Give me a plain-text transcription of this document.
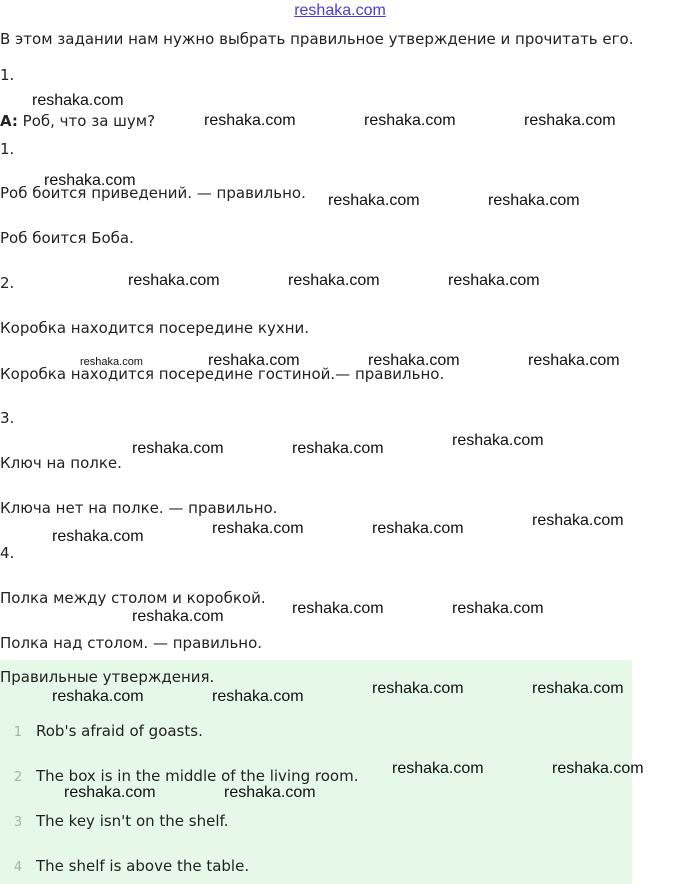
reshaka.com
В этом задании нам нужно выбрать правильное утверждение и прочитать его.
1.
A: Роб, что за шум?
1.
Роб боится приведений. — правильно.
Роб боится Боба.
2.
Коробка находится посередине кухни.
Коробка находится посередине гостиной.— правильно.
3.
Ключ на полке.
Ключа нет на полке. — правильно.
4.
Полка между столом и коробкой.
Полка над столом. — правильно.
Правильные утверждения.
1 Rob's afraid of goasts.
2 The box is in the middle of the living room.
3 The key isn't on the shelf.
4 The shelf is above the table.
reshaka.com
reshaka.com	reshaka.com	reshaka.com
reshaka.com
reshaka.com	reshaka.com
reshaka.com	reshaka.com	reshaka.com
reshaka.com	reshaka.com	reshaka.com	reshaka.com
reshaka.com	reshaka.com	reshaka.com
reshaka.com	reshaka.com	reshaka.com
reshaka.com
reshaka.com	reshaka.com
reshaka.com
reshaka.com	reshaka.com	reshaka.com	reshaka.com
reshaka.com	reshaka.com
reshaka.com	reshaka.com
